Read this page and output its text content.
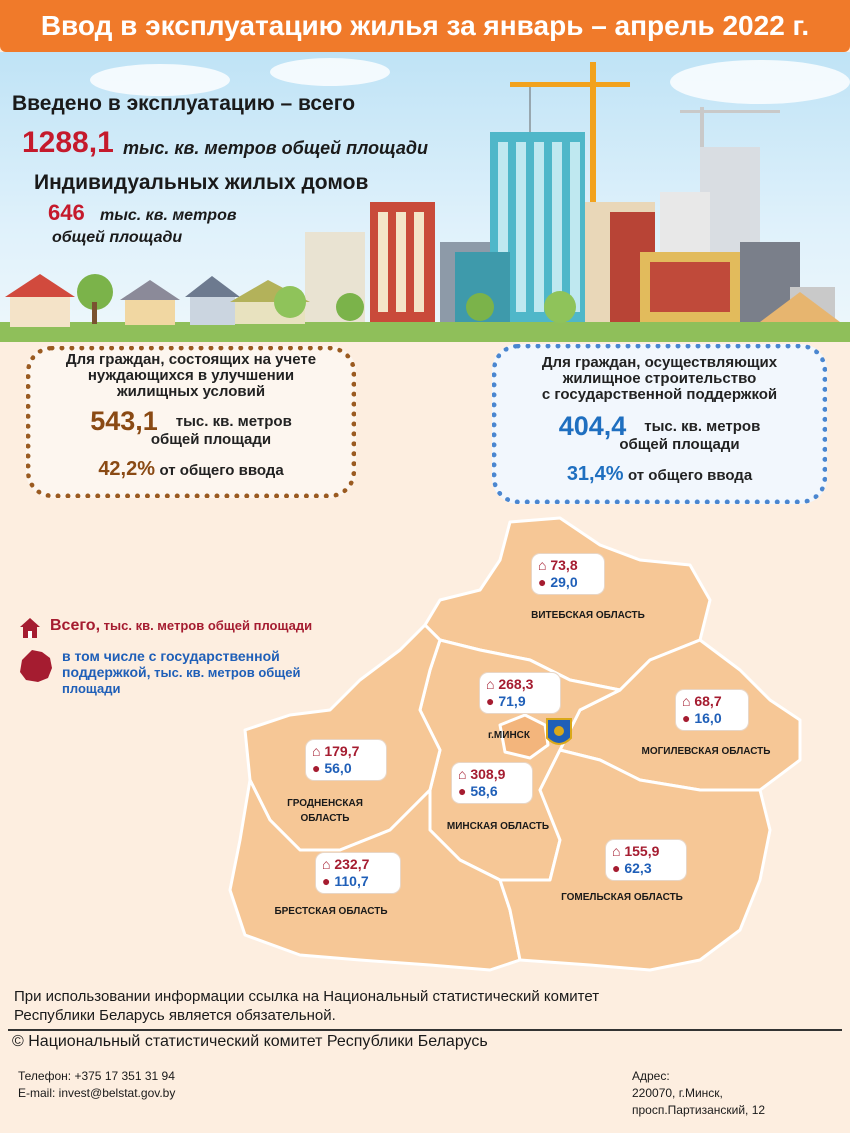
Ввод в эксплуатацию жилья за январь – апрель 2022 г.
Введено в эксплуатацию – всего
1288,1 тыс. кв. метров общей площади
Индивидуальных жилых домов
646 тыс. кв. метров
общей площади
Для граждан, состоящих на учете
нуждающихся в улучшении
жилищных условий
543,1 тыс. кв. метров
общей площади
42,2% от общего ввода
Для граждан, осуществляющих
жилищное строительство
с государственной поддержкой
404,4 тыс. кв. метров
общей площади
31,4% от общего ввода
Всего, тыс. кв. метров общей площади
в том числе с государственной
поддержкой, тыс. кв. метров общей
площади
⌂ 73,8
● 29,0
ВИТЕБСКАЯ ОБЛАСТЬ
⌂ 268,3
● 71,9
г.МИНСК
⌂ 68,7
● 16,0
МОГИЛЕВСКАЯ ОБЛАСТЬ
⌂ 179,7
● 56,0
ГРОДНЕНСКАЯ
ОБЛАСТЬ
⌂ 308,9
● 58,6
МИНСКАЯ ОБЛАСТЬ
⌂ 232,7
● 110,7
БРЕСТСКАЯ ОБЛАСТЬ
⌂ 155,9
● 62,3
ГОМЕЛЬСКАЯ ОБЛАСТЬ
При использовании информации ссылка на Национальный статистический комитет
Республики Беларусь является обязательной.
© Национальный статистический комитет Республики Беларусь
Телефон: +375 17 351 31 94
E-mail: invest@belstat.gov.by
Адрес:
220070, г.Минск,
просп.Партизанский, 12
